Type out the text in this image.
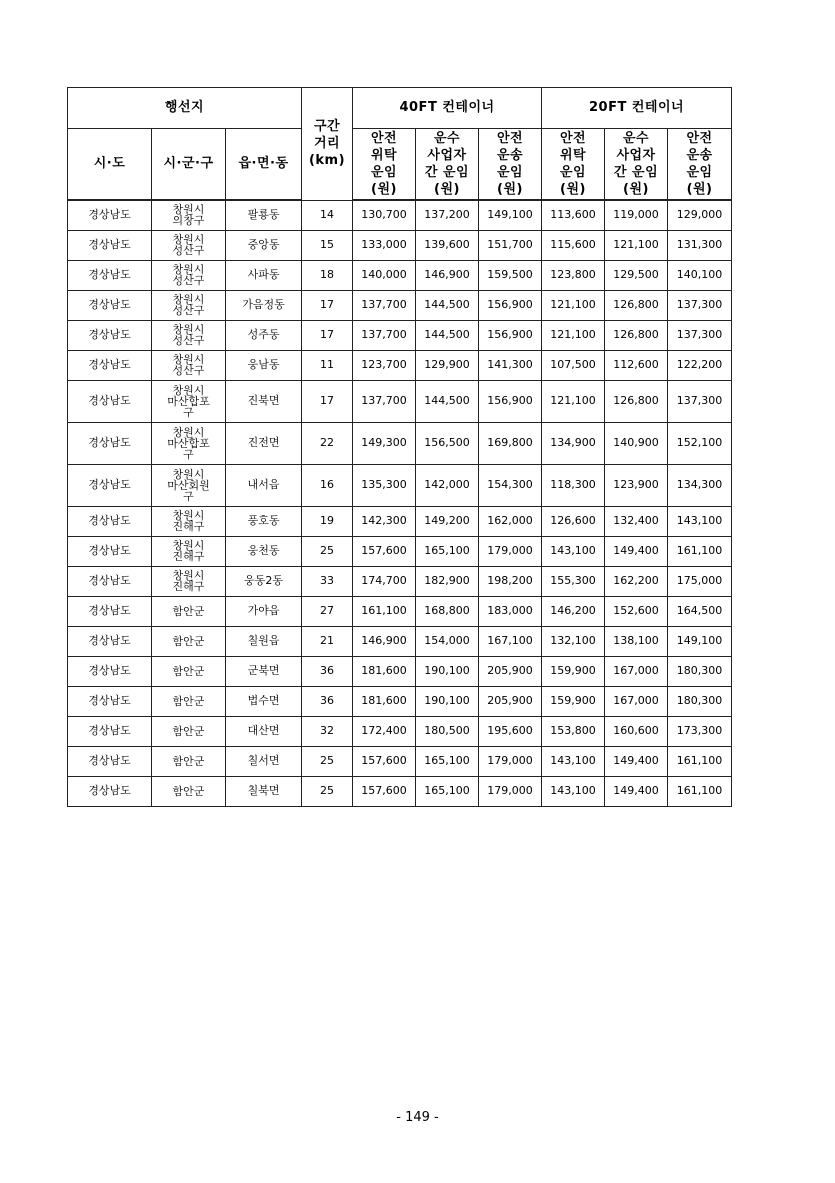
행선지			구간
거리
(km)	40FT 컨테이너			20FT 컨테이너		
시·도	시·군·구	읍·면·동		안전
위탁
운임
(원)	운수
사업자
간 운임
(원)	안전
운송
운임
(원)	안전
위탁
운임
(원)	운수
사업자
간 운임
(원)	안전
운송
운임
(원)
경상남도	창원시
의창구	팔룡동	14	130,700	137,200	149,100	113,600	119,000	129,000
경상남도	창원시
성산구	중앙동	15	133,000	139,600	151,700	115,600	121,100	131,300
경상남도	창원시
성산구	사파동	18	140,000	146,900	159,500	123,800	129,500	140,100
경상남도	창원시
성산구	가음정동	17	137,700	144,500	156,900	121,100	126,800	137,300
경상남도	창원시
성산구	성주동	17	137,700	144,500	156,900	121,100	126,800	137,300
경상남도	창원시
성산구	웅남동	11	123,700	129,900	141,300	107,500	112,600	122,200
경상남도	창원시
마산합포
구	진북면	17	137,700	144,500	156,900	121,100	126,800	137,300
경상남도	창원시
마산합포
구	진전면	22	149,300	156,500	169,800	134,900	140,900	152,100
경상남도	창원시
마산회원
구	내서읍	16	135,300	142,000	154,300	118,300	123,900	134,300
경상남도	창원시
진해구	풍호동	19	142,300	149,200	162,000	126,600	132,400	143,100
경상남도	창원시
진해구	웅천동	25	157,600	165,100	179,000	143,100	149,400	161,100
경상남도	창원시
진해구	웅동2동	33	174,700	182,900	198,200	155,300	162,200	175,000
경상남도	함안군	가야읍	27	161,100	168,800	183,000	146,200	152,600	164,500
경상남도	함안군	칠원읍	21	146,900	154,000	167,100	132,100	138,100	149,100
경상남도	함안군	군북면	36	181,600	190,100	205,900	159,900	167,000	180,300
경상남도	함안군	법수면	36	181,600	190,100	205,900	159,900	167,000	180,300
경상남도	함안군	대산면	32	172,400	180,500	195,600	153,800	160,600	173,300
경상남도	함안군	칠서면	25	157,600	165,100	179,000	143,100	149,400	161,100
경상남도	함안군	칠북면	25	157,600	165,100	179,000	143,100	149,400	161,100
- 149 -
